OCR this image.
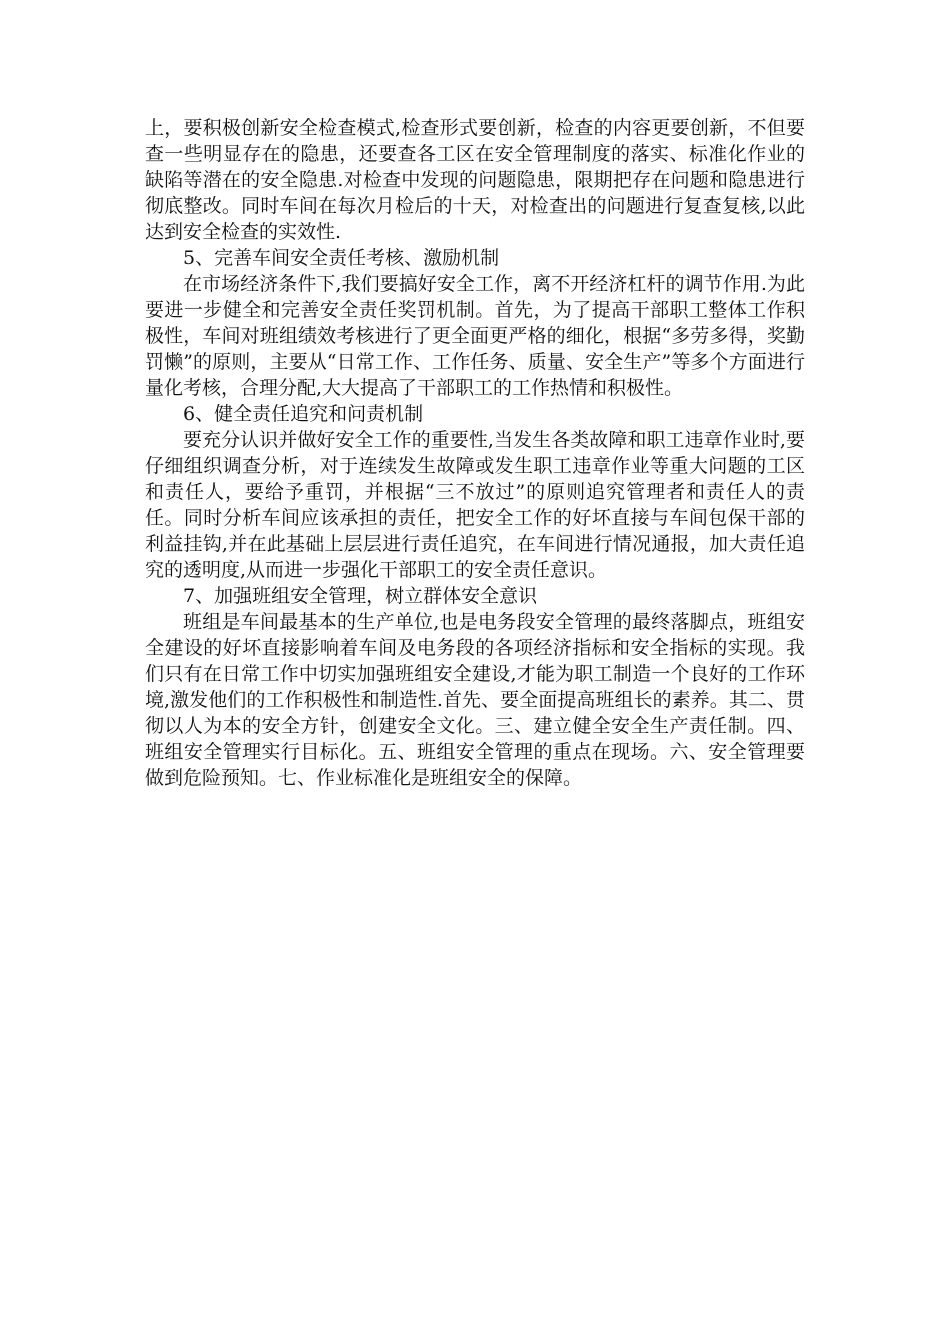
上，要积极创新安全检查模式,检查形式要创新，检查的内容更要创新，不但要查一些明显存在的隐患，还要查各工区在安全管理制度的落实、标准化作业的缺陷等潜在的安全隐患.对检查中发现的问题隐患，限期把存在问题和隐患进行彻底整改。同时车间在每次月检后的十天，对检查出的问题进行复查复核,以此达到安全检查的实效性.

5、完善车间安全责任考核、激励机制

在市场经济条件下,我们要搞好安全工作，离不开经济杠杆的调节作用.为此要进一步健全和完善安全责任奖罚机制。首先，为了提高干部职工整体工作积极性，车间对班组绩效考核进行了更全面更严格的细化，根据“多劳多得，奖勤罚懒”的原则，主要从“日常工作、工作任务、质量、安全生产”等多个方面进行量化考核，合理分配,大大提高了干部职工的工作热情和积极性。

6、健全责任追究和问责机制

要充分认识并做好安全工作的重要性,当发生各类故障和职工违章作业时,要仔细组织调查分析，对于连续发生故障或发生职工违章作业等重大问题的工区和责任人，要给予重罚，并根据“三不放过”的原则追究管理者和责任人的责任。同时分析车间应该承担的责任，把安全工作的好坏直接与车间包保干部的利益挂钩,并在此基础上层层进行责任追究，在车间进行情况通报，加大责任追究的透明度,从而进一步强化干部职工的安全责任意识。

7、加强班组安全管理，树立群体安全意识

班组是车间最基本的生产单位,也是电务段安全管理的最终落脚点，班组安全建设的好坏直接影响着车间及电务段的各项经济指标和安全指标的实现。我们只有在日常工作中切实加强班组安全建设,才能为职工制造一个良好的工作环境,激发他们的工作积极性和制造性.首先、要全面提高班组长的素养。其二、贯彻以人为本的安全方针，创建安全文化。三、建立健全安全生产责任制。四、班组安全管理实行目标化。五、班组安全管理的重点在现场。六、安全管理要做到危险预知。七、作业标准化是班组安全的保障。
